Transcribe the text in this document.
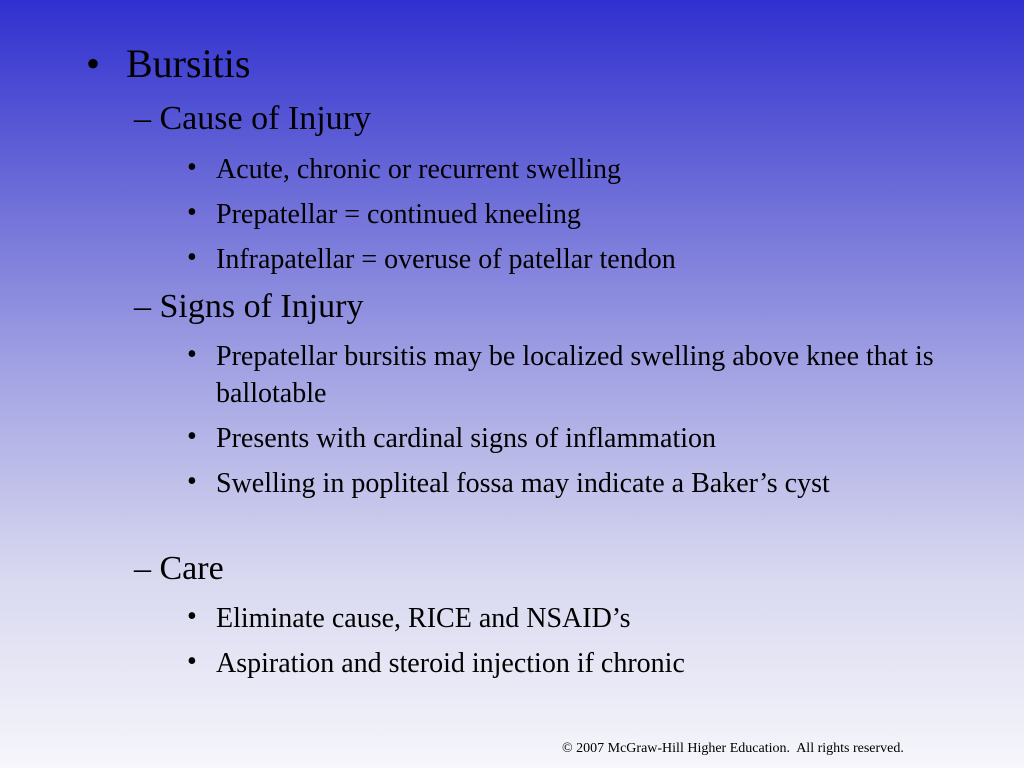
• Bursitis
– Cause of Injury
• Acute, chronic or recurrent swelling
• Prepatellar = continued kneeling
• Infrapatellar = overuse of patellar tendon
– Signs of Injury
• Prepatellar bursitis may be localized swelling above knee that is ballotable
• Presents with cardinal signs of inflammation
• Swelling in popliteal fossa may indicate a Baker’s cyst
– Care
• Eliminate cause, RICE and NSAID’s
• Aspiration and steroid injection if chronic
© 2007 McGraw-Hill Higher Education.  All rights reserved.
